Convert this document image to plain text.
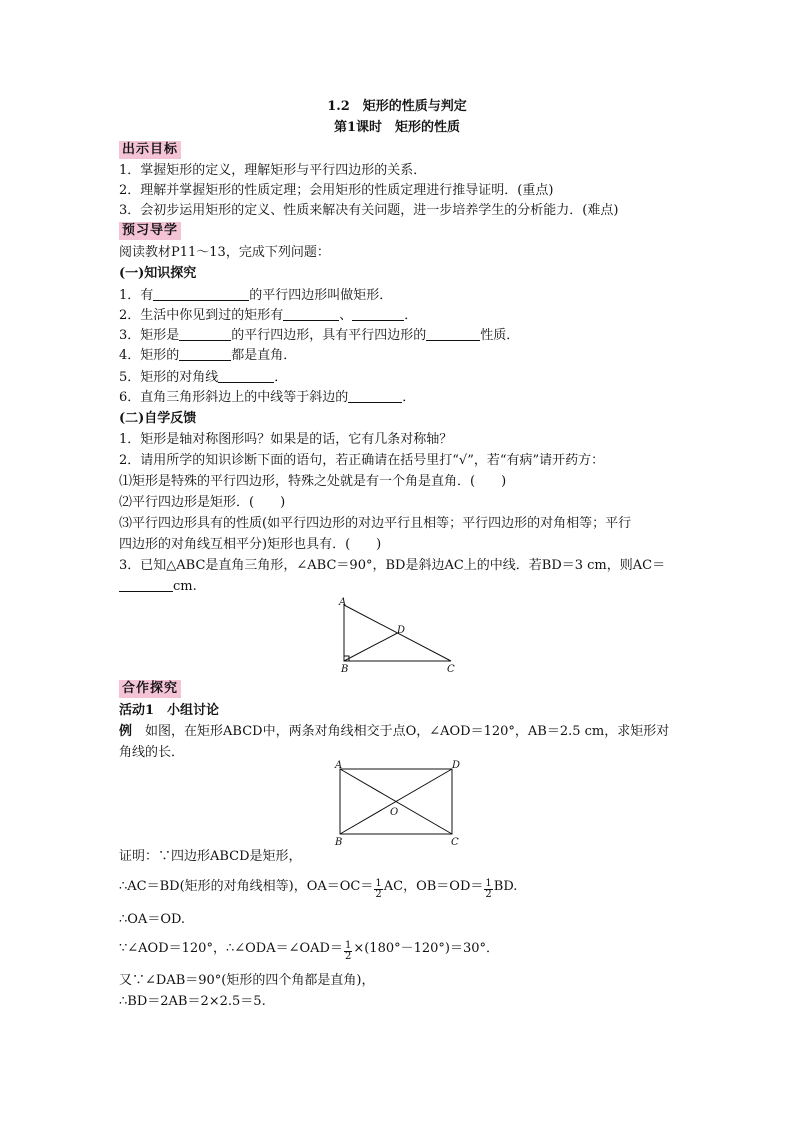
1.2　矩形的性质与判定
第1课时　矩形的性质
出示目标
1．掌握矩形的定义，理解矩形与平行四边形的关系．
2．理解并掌握矩形的性质定理；会用矩形的性质定理进行推导证明．(重点)
3．会初步运用矩形的定义、性质来解决有关问题，进一步培养学生的分析能力．(难点)
预习导学
阅读教材P11～13，完成下列问题：
(一)知识探究
1．有	的平行四边形叫做矩形．
2．生活中你见到过的矩形有	、	．
3．矩形是	的平行四边形，具有平行四边形的	性质．
4．矩形的	都是直角．
5．矩形的对角线	．
6．直角三角形斜边上的中线等于斜边的	．
(二)自学反馈
1．矩形是轴对称图形吗？如果是的话，它有几条对称轴？
2．请用所学的知识诊断下面的语句，若正确请在括号里打“√”，若“有病”请开药方：
⑴矩形是特殊的平行四边形，特殊之处就是有一个角是直角．(　　)
⑵平行四边形是矩形．(　　)
⑶平行四边形具有的性质(如平行四边形的对边平行且相等；平行四边形的对角相等；平行
四边形的对角线互相平分)矩形也具有．(　　)
3．已知△ABC是直角三角形，∠ABC＝90°，BD是斜边AC上的中线．若BD＝3 cm，则AC＝
cm.
A
B	C
D
合作探究
活动1　小组讨论
例　如图，在矩形ABCD中，两条对角线相交于点O，∠AOD＝120°，AB＝2.5 cm，求矩形对
角线的长．
A	D
B	C
O
证明：∵四边形ABCD是矩形，
∴AC＝BD(矩形的对角线相等)，$OA=OC= \frac{1}{2}$ AC，$OB=OD= \frac{1}{2}$ BD.
∴OA＝OD.
∵∠AOD＝120°，∴∠ODA＝∠OAD＝ $\frac{1}{2} \times(180^\circ-120^\circ)=30^\circ$．
又∵∠DAB＝90°(矩形的四个角都是直角)，
∴BD＝2AB＝2×2.5＝5.
